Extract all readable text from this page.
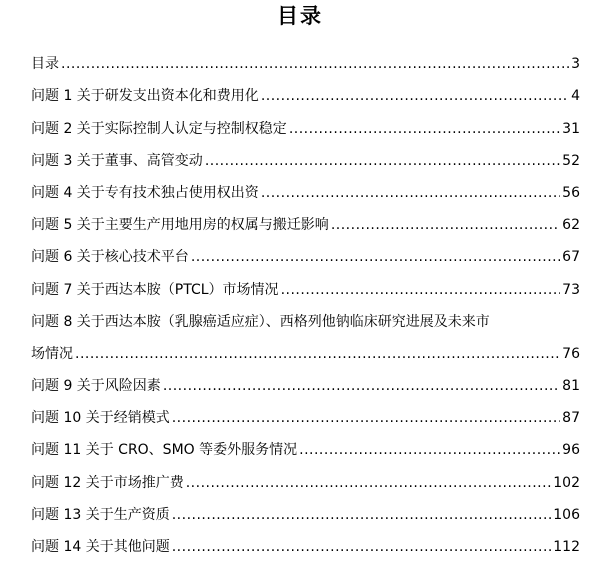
目录
目录 .....	3
问题 1 关于研发支出资本化和费用化 .....	4
问题 2 关于实际控制人认定与控制权稳定 .....	31
问题 3 关于董事、高管变动 .....	52
问题 4 关于专有技术独占使用权出资 .....	56
问题 5 关于主要生产用地用房的权属与搬迁影响 .....	62
问题 6 关于核心技术平台 .....	67
问题 7 关于西达本胺（PTCL）市场情况 .....	73
问题 8 关于西达本胺（乳腺癌适应症）、西格列他钠临床研究进展及未来市
场情况 .....	76
问题 9 关于风险因素 .....	81
问题 10 关于经销模式 .....	87
问题 11 关于 CRO、SMO 等委外服务情况 .....	96
问题 12 关于市场推广费 .....	102
问题 13 关于生产资质 .....	106
问题 14 关于其他问题 .....	112
